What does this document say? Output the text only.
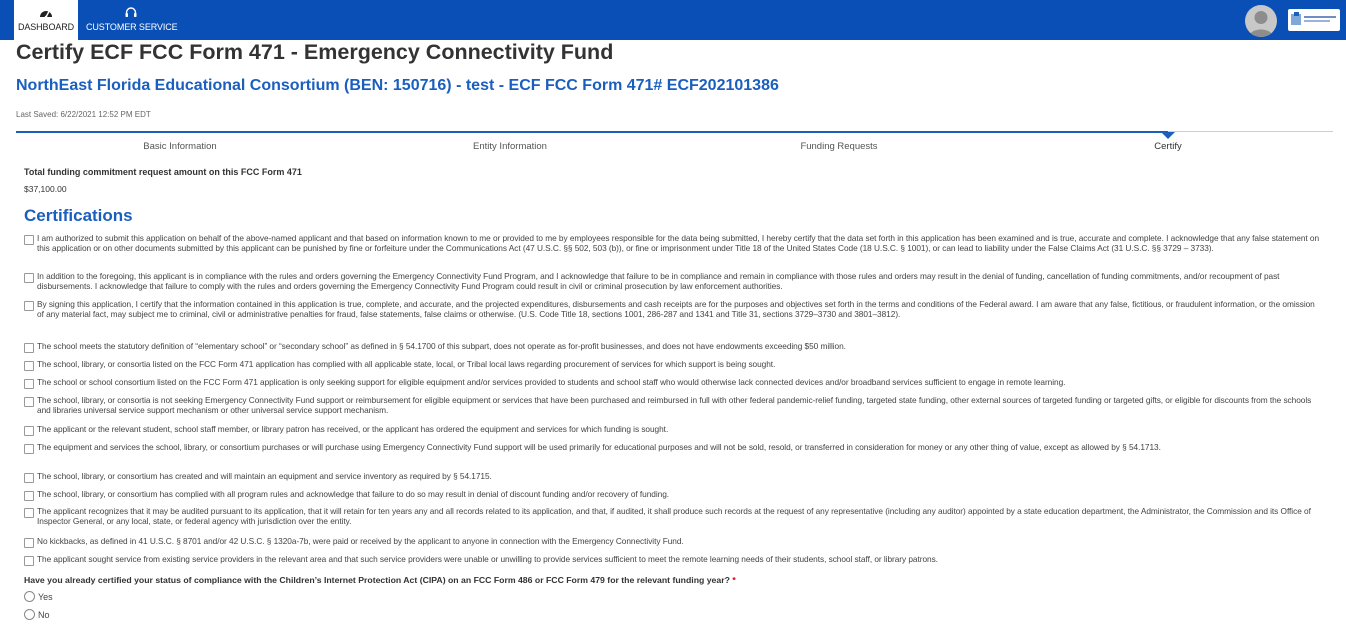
DASHBOARD	CUSTOMER SERVICE
Certify ECF FCC Form 471 - Emergency Connectivity Fund
NorthEast Florida Educational Consortium (BEN: 150716) - test - ECF FCC Form 471# ECF202101386
Last Saved: 6/22/2021 12:52 PM EDT
Basic Information	Entity Information	Funding Requests	Certify
Total funding commitment request amount on this FCC Form 471
$37,100.00
Certifications
I am authorized to submit this application on behalf of the above-named applicant and that based on information known to me or provided to me by employees responsible for the data being submitted, I hereby certify that the data set forth in this application has been examined and is true, accurate and complete. I acknowledge that any false statement on this application or on other documents submitted by this applicant can be punished by fine or forfeiture under the Communications Act (47 U.S.C. §§ 502, 503 (b)), or fine or imprisonment under Title 18 of the United States Code (18 U.S.C. § 1001), or can lead to liability under the False Claims Act (31 U.S.C. §§ 3729 – 3733).
In addition to the foregoing, this applicant is in compliance with the rules and orders governing the Emergency Connectivity Fund Program, and I acknowledge that failure to be in compliance and remain in compliance with those rules and orders may result in the denial of funding, cancellation of funding commitments, and/or recoupment of past disbursements. I acknowledge that failure to comply with the rules and orders governing the Emergency Connectivity Fund Program could result in civil or criminal prosecution by law enforcement authorities.
By signing this application, I certify that the information contained in this application is true, complete, and accurate, and the projected expenditures, disbursements and cash receipts are for the purposes and objectives set forth in the terms and conditions of the Federal award. I am aware that any false, fictitious, or fraudulent information, or the omission of any material fact, may subject me to criminal, civil or administrative penalties for fraud, false statements, false claims or otherwise. (U.S. Code Title 18, sections 1001, 286-287 and 1341 and Title 31, sections 3729–3730 and 3801–3812).
The school meets the statutory definition of “elementary school” or “secondary school” as defined in § 54.1700 of this subpart, does not operate as for-profit businesses, and does not have endowments exceeding $50 million.
The school, library, or consortia listed on the FCC Form 471 application has complied with all applicable state, local, or Tribal local laws regarding procurement of services for which support is being sought.
The school or school consortium listed on the FCC Form 471 application is only seeking support for eligible equipment and/or services provided to students and school staff who would otherwise lack connected devices and/or broadband services sufficient to engage in remote learning.
The school, library, or consortia is not seeking Emergency Connectivity Fund support or reimbursement for eligible equipment or services that have been purchased and reimbursed in full with other federal pandemic-relief funding, targeted state funding, other external sources of targeted funding or targeted gifts, or eligible for discounts from the schools and libraries universal service support mechanism or other universal service support mechanism.
The applicant or the relevant student, school staff member, or library patron has received, or the applicant has ordered the equipment and services for which funding is sought.
The equipment and services the school, library, or consortium purchases or will purchase using Emergency Connectivity Fund support will be used primarily for educational purposes and will not be sold, resold, or transferred in consideration for money or any other thing of value, except as allowed by § 54.1713.
The school, library, or consortium has created and will maintain an equipment and service inventory as required by § 54.1715.
The school, library, or consortium has complied with all program rules and acknowledge that failure to do so may result in denial of discount funding and/or recovery of funding.
The applicant recognizes that it may be audited pursuant to its application, that it will retain for ten years any and all records related to its application, and that, if audited, it shall produce such records at the request of any representative (including any auditor) appointed by a state education department, the Administrator, the Commission and its Office of Inspector General, or any local, state, or federal agency with jurisdiction over the entity.
No kickbacks, as defined in 41 U.S.C. § 8701 and/or 42 U.S.C. § 1320a-7b, were paid or received by the applicant to anyone in connection with the Emergency Connectivity Fund.
The applicant sought service from existing service providers in the relevant area and that such service providers were unable or unwilling to provide services sufficient to meet the remote learning needs of their students, school staff, or library patrons.
Have you already certified your status of compliance with the Children’s Internet Protection Act (CIPA) on an FCC Form 486 or FCC Form 479 for the relevant funding year? *
Yes
No
